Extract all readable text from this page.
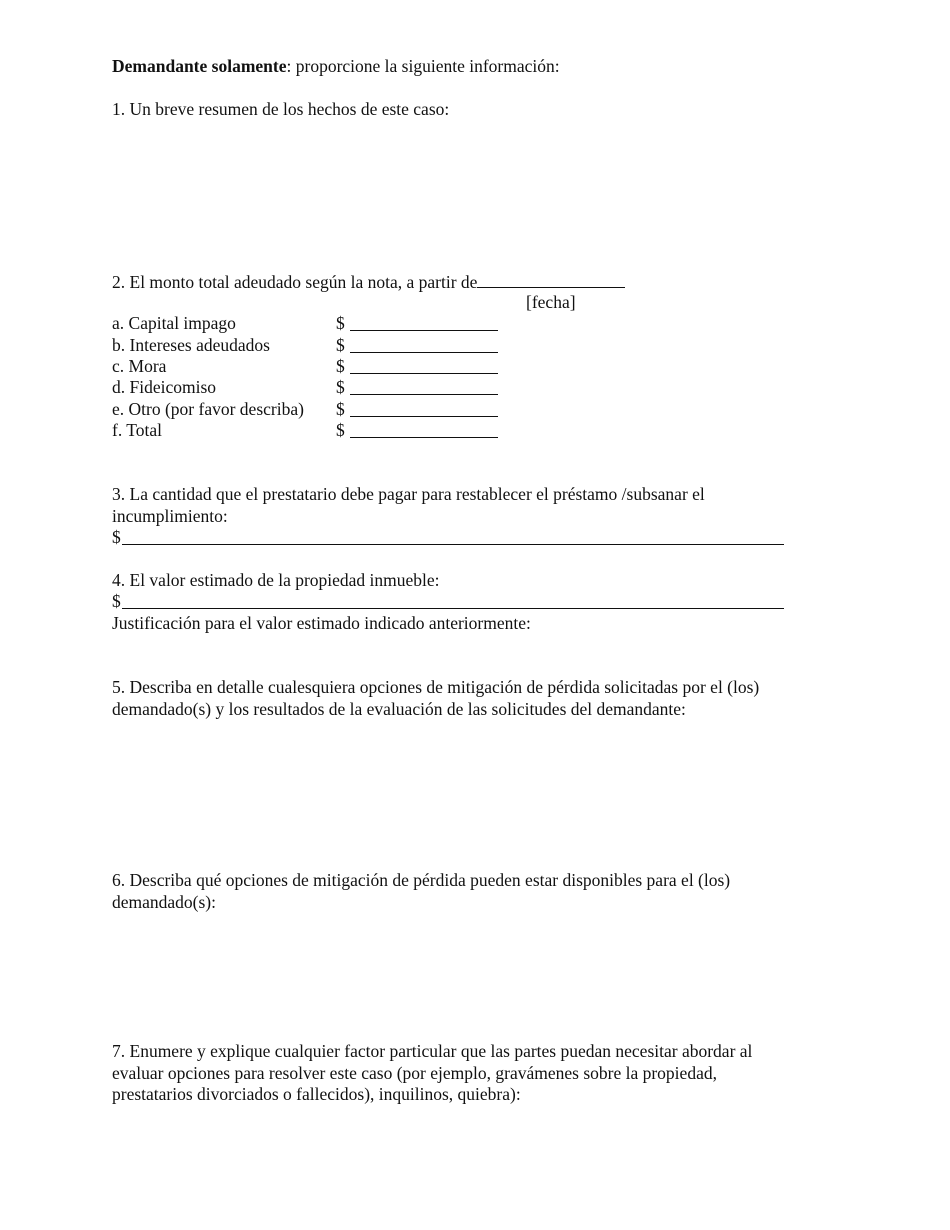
Demandante solamente: proporcione la siguiente información:

1. Un breve resumen de los hechos de este caso:

2. El monto total adeudado según la nota, a partir de

[fecha]

a. Capital impago	$
b. Intereses adeudados	$
c. Mora	$
d. Fideicomiso	$
e. Otro (por favor describa) $
f. Total	$

3. La cantidad que el prestatario debe pagar para restablecer el préstamo /subsanar el

incumplimiento:

$

4. El valor estimado de la propiedad inmueble:

$

Justificación para el valor estimado indicado anteriormente:

5. Describa en detalle cualesquiera opciones de mitigación de pérdida solicitadas por el (los)

demandado(s) y los resultados de la evaluación de las solicitudes del demandante:

6. Describa qué opciones de mitigación de pérdida pueden estar disponibles para el (los)

demandado(s):

7. Enumere y explique cualquier factor particular que las partes puedan necesitar abordar al

evaluar opciones para resolver este caso (por ejemplo, gravámenes sobre la propiedad,

prestatarios divorciados o fallecidos), inquilinos, quiebra):
